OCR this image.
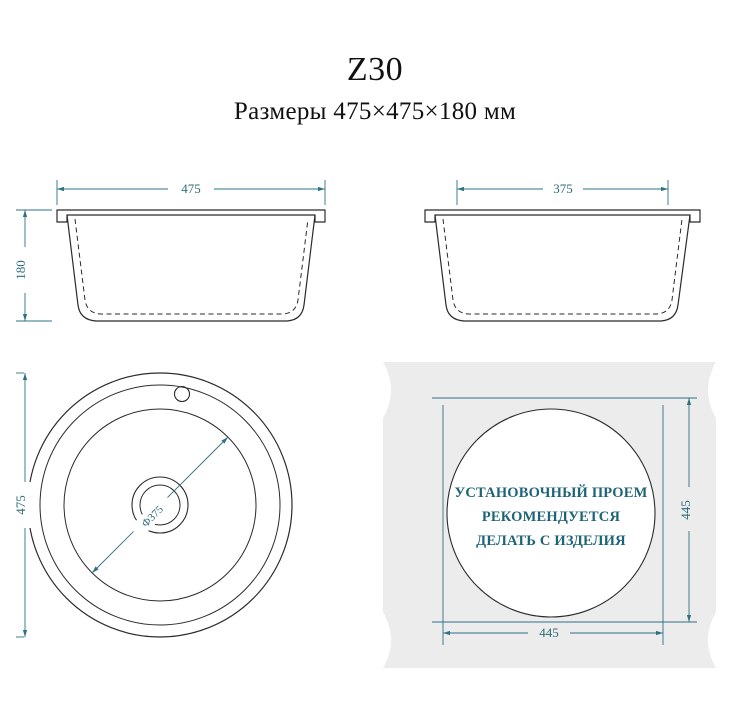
Z30
Размеры 475×475×180 мм
475
180
375
475	Ф375
445
445
УСТАНОВОЧНЫЙ ПРОЕМ
РЕКОМЕНДУЕТСЯ
ДЕЛАТЬ С ИЗДЕЛИЯ
